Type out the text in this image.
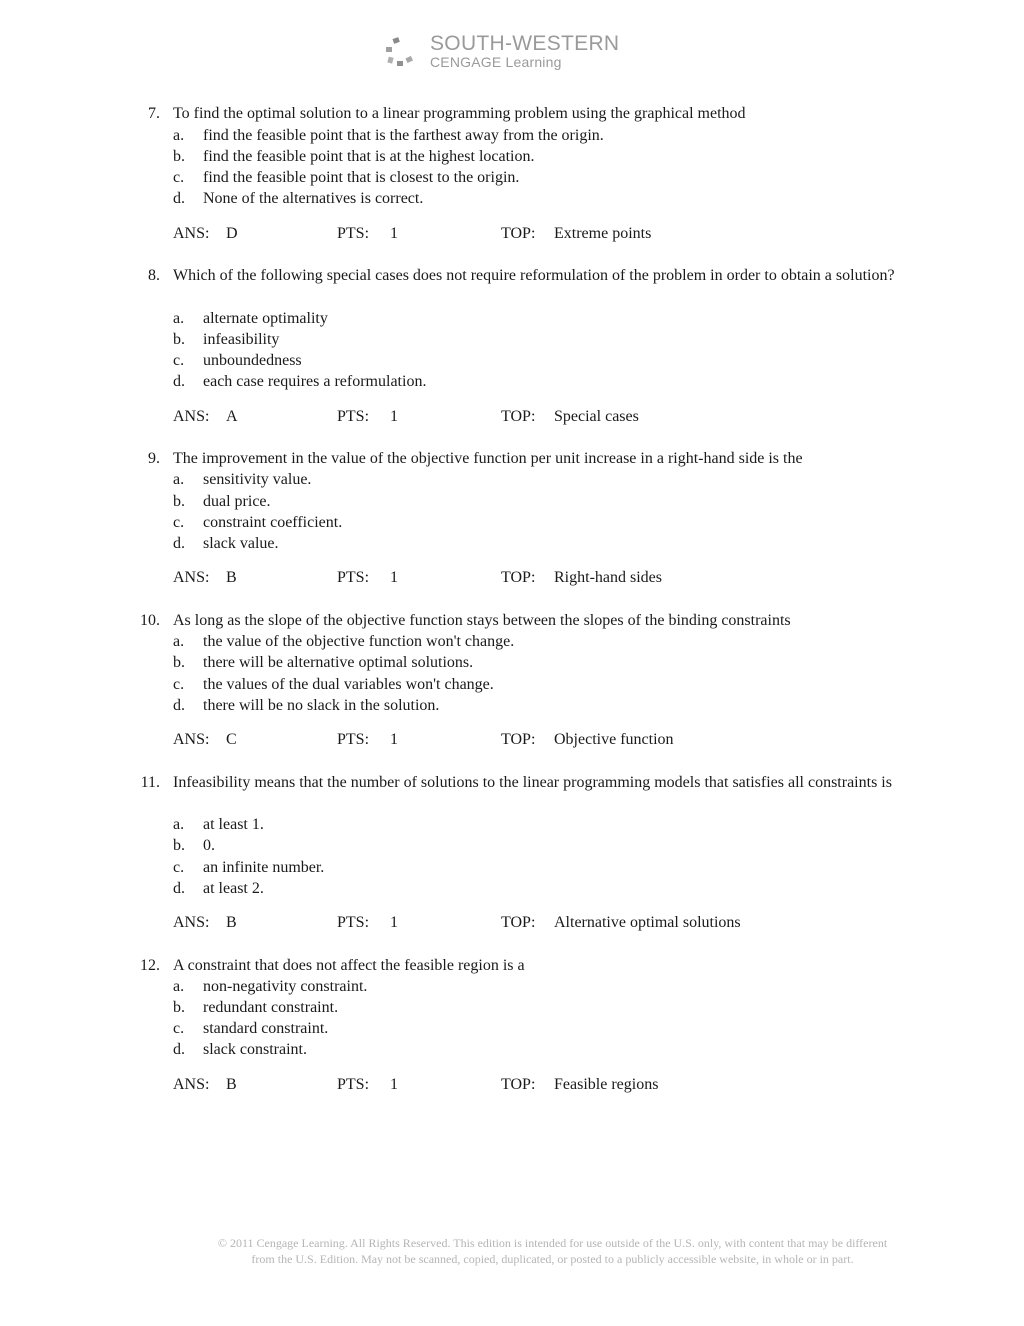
SOUTH-WESTERN
CENGAGE Learning
7. To find the optimal solution to a linear programming problem using the graphical method
a. find the feasible point that is the farthest away from the origin.
b. find the feasible point that is at the highest location.
c. find the feasible point that is closest to the origin.
d. None of the alternatives is correct.
ANS: D	PTS: 1	TOP: Extreme points
8. Which of the following special cases does not require reformulation of the problem in order to obtain a solution?
a. alternate optimality
b. infeasibility
c. unboundedness
d. each case requires a reformulation.
ANS: A	PTS: 1	TOP: Special cases
9. The improvement in the value of the objective function per unit increase in a right-hand side is the
a. sensitivity value.
b. dual price.
c. constraint coefficient.
d. slack value.
ANS: B	PTS: 1	TOP: Right-hand sides
10. As long as the slope of the objective function stays between the slopes of the binding constraints
a. the value of the objective function won't change.
b. there will be alternative optimal solutions.
c. the values of the dual variables won't change.
d. there will be no slack in the solution.
ANS: C	PTS: 1	TOP: Objective function
11. Infeasibility means that the number of solutions to the linear programming models that satisfies all constraints is
a. at least 1.
b. 0.
c. an infinite number.
d. at least 2.
ANS: B	PTS: 1	TOP: Alternative optimal solutions
12. A constraint that does not affect the feasible region is a
a. non-negativity constraint.
b. redundant constraint.
c. standard constraint.
d. slack constraint.
ANS: B	PTS: 1	TOP: Feasible regions
© 2011 Cengage Learning. All Rights Reserved. This edition is intended for use outside of the U.S. only, with content that may be different
from the U.S. Edition. May not be scanned, copied, duplicated, or posted to a publicly accessible website, in whole or in part.
